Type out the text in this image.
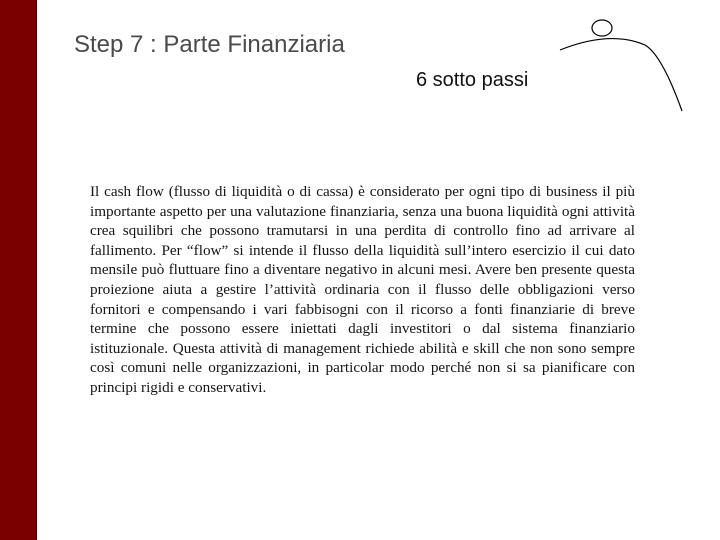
Step 7 : Parte Finanziaria
6 sotto passi

Il cash flow (flusso di liquidità o di cassa) è considerato per ogni tipo di business il più importante aspetto per una valutazione finanziaria, senza una buona liquidità ogni attività crea squilibri che possono tramutarsi in una perdita di controllo fino ad arrivare al fallimento. Per “flow” si intende il flusso della liquidità sull’intero esercizio il cui dato mensile può fluttuare fino a diventare negativo in alcuni mesi. Avere ben presente questa proiezione aiuta a gestire l’attività ordinaria con il flusso delle obbligazioni verso fornitori e compensando i vari fabbisogni con il ricorso a fonti finanziarie di breve termine che possono essere iniettati dagli investitori o dal sistema finanziario istituzionale. Questa attività di management richiede abilità e skill che non sono sempre così comuni nelle organizzazioni, in particolar modo perché non si sa pianificare con principi rigidi e conservativi.
